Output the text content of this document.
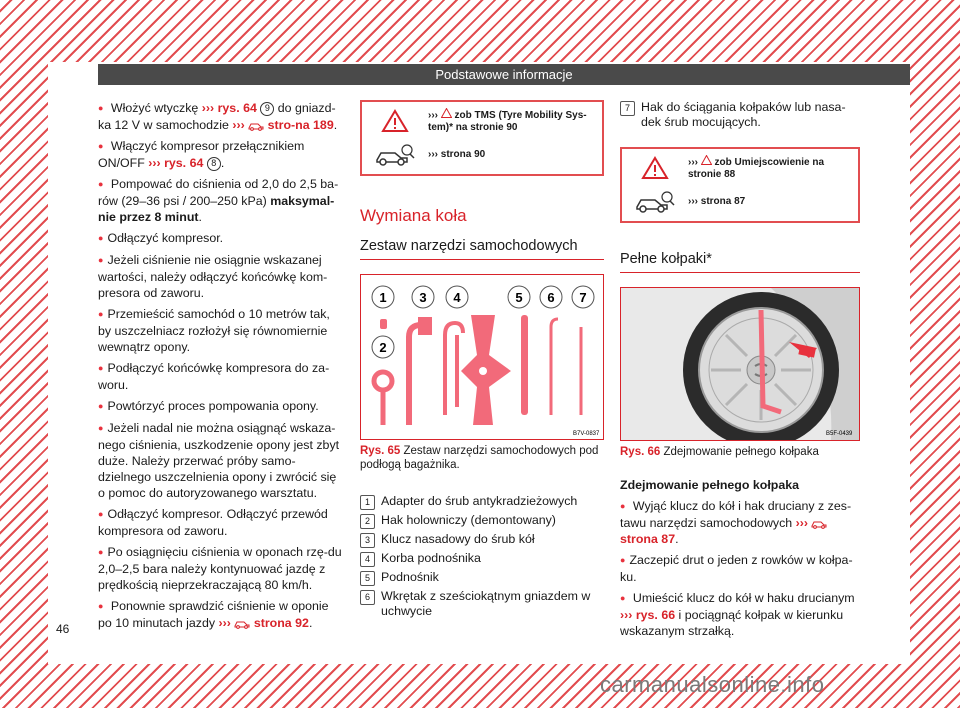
Podstawowe informacje
● Włożyć wtyczkę ››› rys. 64 9 do gniazd-ka 12 V w samochodzie ›››  stro-na 189.
● Włączyć kompresor przełącznikiem ON/OFF ››› rys. 64 8 .
● Pompować do ciśnienia od 2,0 do 2,5 ba-rów (29–36 psi / 200–250 kPa) maksymal-nie przez 8 minut.
● Odłączyć kompresor.
● Jeżeli ciśnienie nie osiągnie wskazanej wartości, należy odłączyć końcówkę kom-presora od zaworu.
● Przemieścić samochód o 10 metrów tak, by uszczelniacz rozłożył się równomiernie wewnątrz opony.
● Podłączyć końcówkę kompresora do za-woru.
● Powtórzyć proces pompowania opony.
● Jeżeli nadal nie można osiągnąć wskaza-nego ciśnienia, uszkodzenie opony jest zbyt duże. Należy przerwać próby samo-dzielnego uszczelnienia opony i zwrócić się o pomoc do autoryzowanego warsztatu.
● Odłączyć kompresor. Odłączyć przewód kompresora od zaworu.
● Po osiągnięciu ciśnienia w oponach rzę-du 2,0–2,5 bara należy kontynuować jazdę z prędkością nieprzekraczającą 80 km/h.
● Ponownie sprawdzić ciśnienie w oponie po 10 minutach jazdy ›››  strona 92.
›››  zob TMS (Tyre Mobility Sys-tem)* na stronie 90
››› strona 90
Wymiana koła
Zestaw narzędzi samochodowych
1
2
3 4	5 6 7
B7V-0837
Rys. 65 Zestaw narzędzi samochodowych pod podłogą bagażnika.
1 Adapter do śrub antykradzieżowych
2 Hak holowniczy (demontowany)
3 Klucz nasadowy do śrub kół
4 Korba podnośnika
5 Podnośnik
6 Wkrętak z sześciokątnym gniazdem w uchwycie
7 Hak do ściągania kołpaków lub nasa-dek śrub mocujących.
›››  zob Umiejscowienie na stronie 88
››› strona 87
Pełne kołpaki*
B5F-0439
Rys. 66 Zdejmowanie pełnego kołpaka
Zdejmowanie pełnego kołpaka
● Wyjąć klucz do kół i hak druciany z zes-tawu narzędzi samochodowych ›››  strona 87.
● Zaczepić drut o jeden z rowków w kołpa-ku.
● Umieścić klucz do kół w haku drucianym ››› rys. 66 i pociągnąć kołpak w kierunku wskazanym strzałką.
46
carmanualsonline.info
